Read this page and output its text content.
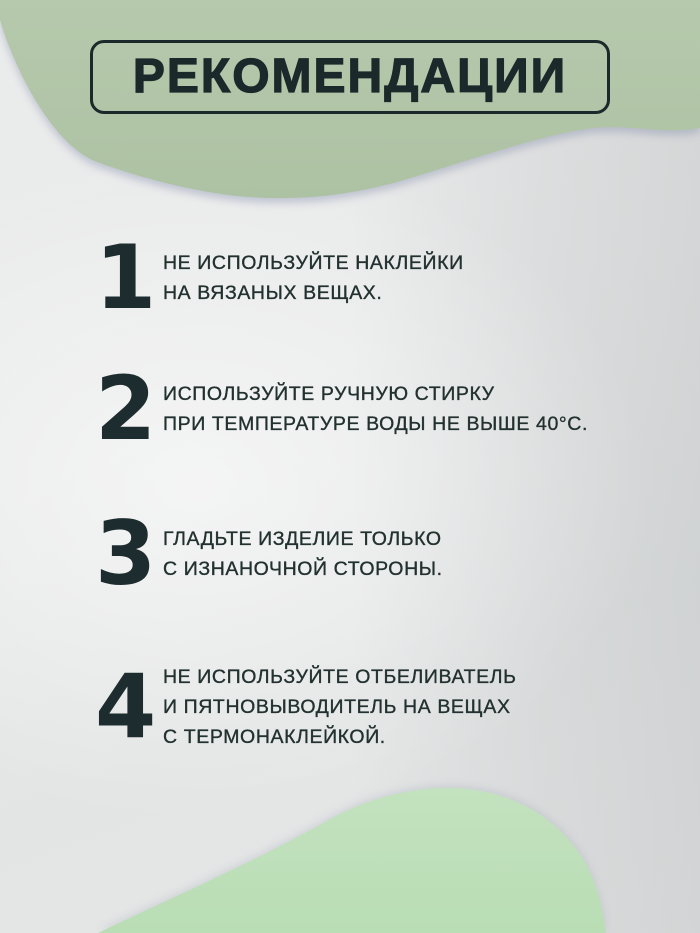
РЕКОМЕНДАЦИИ
1 НЕ ИСПОЛЬЗУЙТЕ НАКЛЕЙКИ
НА ВЯЗАНЫХ ВЕЩАХ.
2 ИСПОЛЬЗУЙТЕ РУЧНУЮ СТИРКУ
ПРИ ТЕМПЕРАТУРЕ ВОДЫ НЕ ВЫШЕ 40°С.
3 ГЛАДЬТЕ ИЗДЕЛИЕ ТОЛЬКО
С ИЗНАНОЧНОЙ СТОРОНЫ.
4 НЕ ИСПОЛЬЗУЙТЕ ОТБЕЛИВАТЕЛЬ
И ПЯТНОВЫВОДИТЕЛЬ НА ВЕЩАХ
С ТЕРМОНАКЛЕЙКОЙ.
